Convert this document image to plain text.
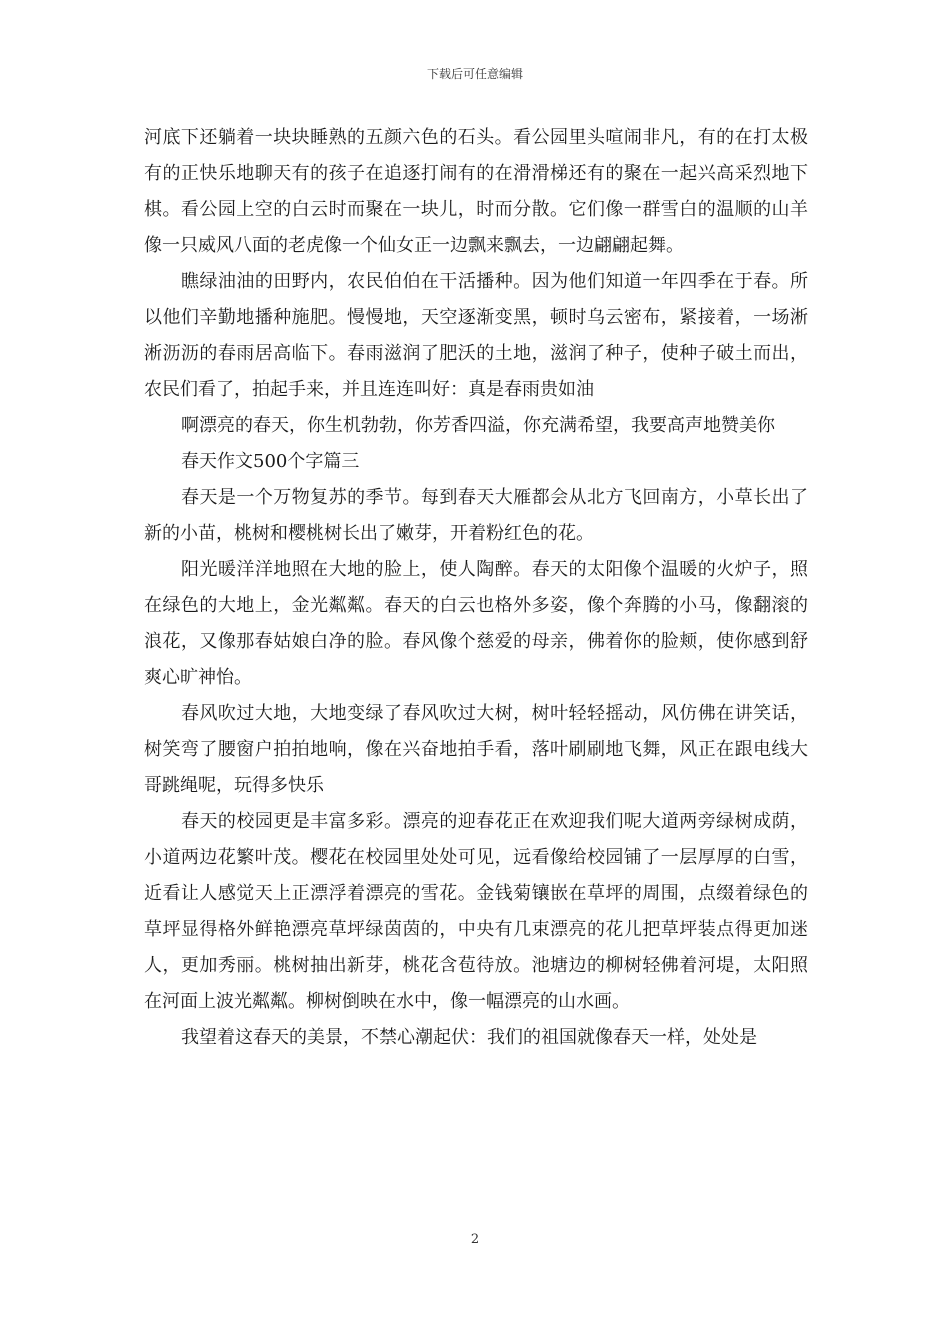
下载后可任意编辑

河底下还躺着一块块睡熟的五颜六色的石头。看公园里头喧闹非凡，有的在打太极有的正快乐地聊天有的孩子在追逐打闹有的在滑滑梯还有的聚在一起兴高采烈地下棋。看公园上空的白云时而聚在一块儿，时而分散。它们像一群雪白的温顺的山羊像一只威风八面的老虎像一个仙女正一边飘来飘去，一边翩翩起舞。

瞧绿油油的田野内，农民伯伯在干活播种。因为他们知道一年四季在于春。所以他们辛勤地播种施肥。慢慢地，天空逐渐变黑，顿时乌云密布，紧接着，一场淅淅沥沥的春雨居高临下。春雨滋润了肥沃的土地，滋润了种子，使种子破土而出，农民们看了，拍起手来，并且连连叫好：真是春雨贵如油

啊漂亮的春天，你生机勃勃，你芳香四溢，你充满希望，我要高声地赞美你

春天作文500个字篇三

春天是一个万物复苏的季节。每到春天大雁都会从北方飞回南方，小草长出了新的小苗，桃树和樱桃树长出了嫩芽，开着粉红色的花。

阳光暖洋洋地照在大地的脸上，使人陶醉。春天的太阳像个温暖的火炉子，照在绿色的大地上，金光粼粼。春天的白云也格外多姿，像个奔腾的小马，像翻滚的浪花，又像那春姑娘白净的脸。春风像个慈爱的母亲，佛着你的脸颊，使你感到舒爽心旷神怡。

春风吹过大地，大地变绿了春风吹过大树，树叶轻轻摇动，风仿佛在讲笑话，树笑弯了腰窗户拍拍地响，像在兴奋地拍手看，落叶刷刷地飞舞，风正在跟电线大哥跳绳呢，玩得多快乐

春天的校园更是丰富多彩。漂亮的迎春花正在欢迎我们呢大道两旁绿树成荫，小道两边花繁叶茂。樱花在校园里处处可见，远看像给校园铺了一层厚厚的白雪，近看让人感觉天上正漂浮着漂亮的雪花。金钱菊镶嵌在草坪的周围，点缀着绿色的草坪显得格外鲜艳漂亮草坪绿茵茵的，中央有几束漂亮的花儿把草坪装点得更加迷人，更加秀丽。桃树抽出新芽，桃花含苞待放。池塘边的柳树轻佛着河堤，太阳照在河面上波光粼粼。柳树倒映在水中，像一幅漂亮的山水画。

我望着这春天的美景，不禁心潮起伏：我们的祖国就像春天一样，处处是

2
